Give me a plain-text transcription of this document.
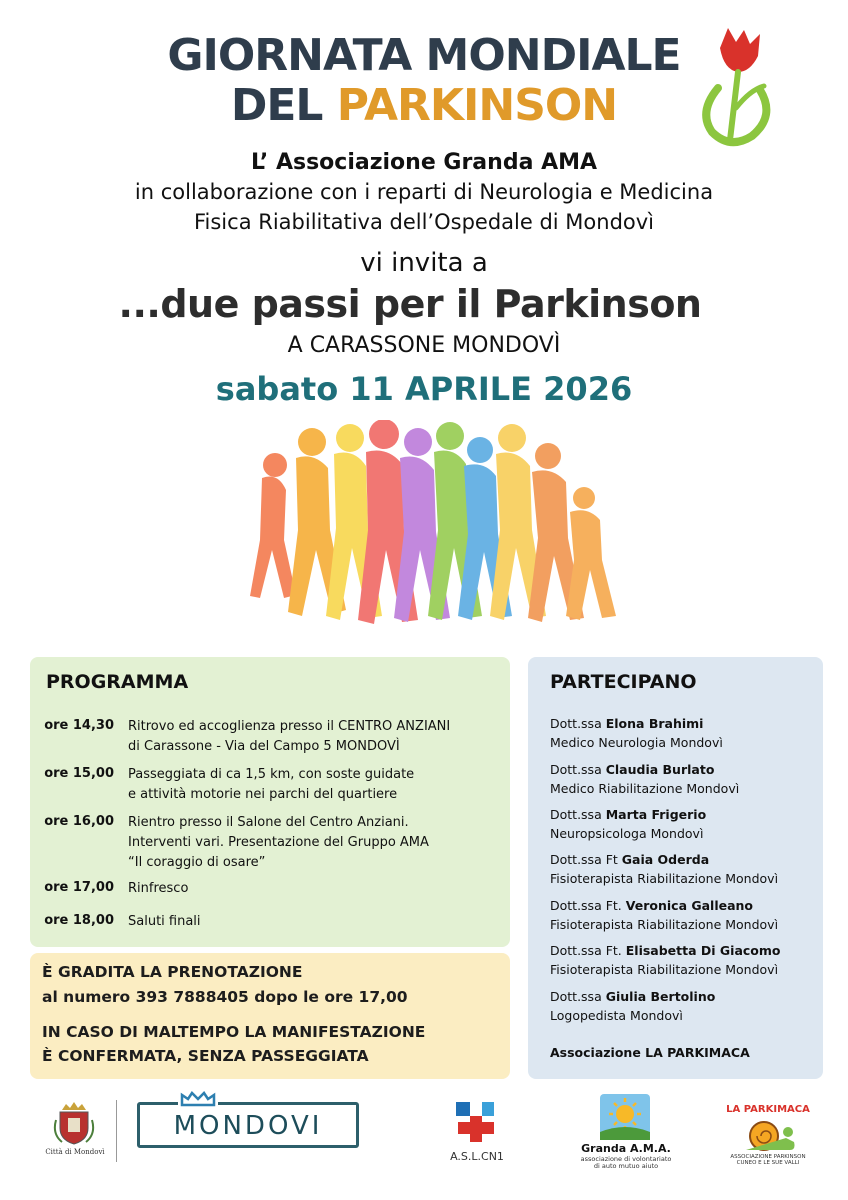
GIORNATA MONDIALE
DEL PARKINSON
L’ Associazione Granda AMA
in collaborazione con i reparti di Neurologia e Medicina
Fisica Riabilitativa dell’Ospedale di Mondovì
vi invita a
...due passi per il Parkinson
A CARASSONE MONDOVÌ
sabato 11 APRILE 2026
PROGRAMMA
ore 14,30 Ritrovo ed accoglienza presso il CENTRO ANZIANI
di Carassone - Via del Campo 5 MONDOVÌ
ore 15,00 Passeggiata di ca 1,5 km, con soste guidate
e attività motorie nei parchi del quartiere
ore 16,00 Rientro presso il Salone del Centro Anziani.
Interventi vari. Presentazione del Gruppo AMA
“Il coraggio di osare”
ore 17,00 Rinfresco
ore 18,00 Saluti finali
È GRADITA LA PRENOTAZIONE
al numero 393 7888405 dopo le ore 17,00
IN CASO DI MALTEMPO LA MANIFESTAZIONE
È CONFERMATA, SENZA PASSEGGIATA
PARTECIPANO
Dott.ssa Elona Brahimi
Medico Neurologia Mondovì
Dott.ssa Claudia Burlato
Medico Riabilitazione Mondovì
Dott.ssa Marta Frigerio
Neuropsicologa Mondovì
Dott.ssa Ft Gaia Oderda
Fisioterapista Riabilitazione Mondovì
Dott.ssa Ft. Veronica Galleano
Fisioterapista Riabilitazione Mondovì
Dott.ssa Ft. Elisabetta Di Giacomo
Fisioterapista Riabilitazione Mondovì
Dott.ssa Giulia Bertolino
Logopedista Mondovì
Associazione LA PARKIMACA
Città di Mondovì
MONDOVI
A.S.L.CN1
Granda A.M.A.
associazione di volontariato
di auto mutuo aiuto
LA PARKIMACA
ASSOCIAZIONE PARKINSON
CUNEO E LE SUE VALLI
